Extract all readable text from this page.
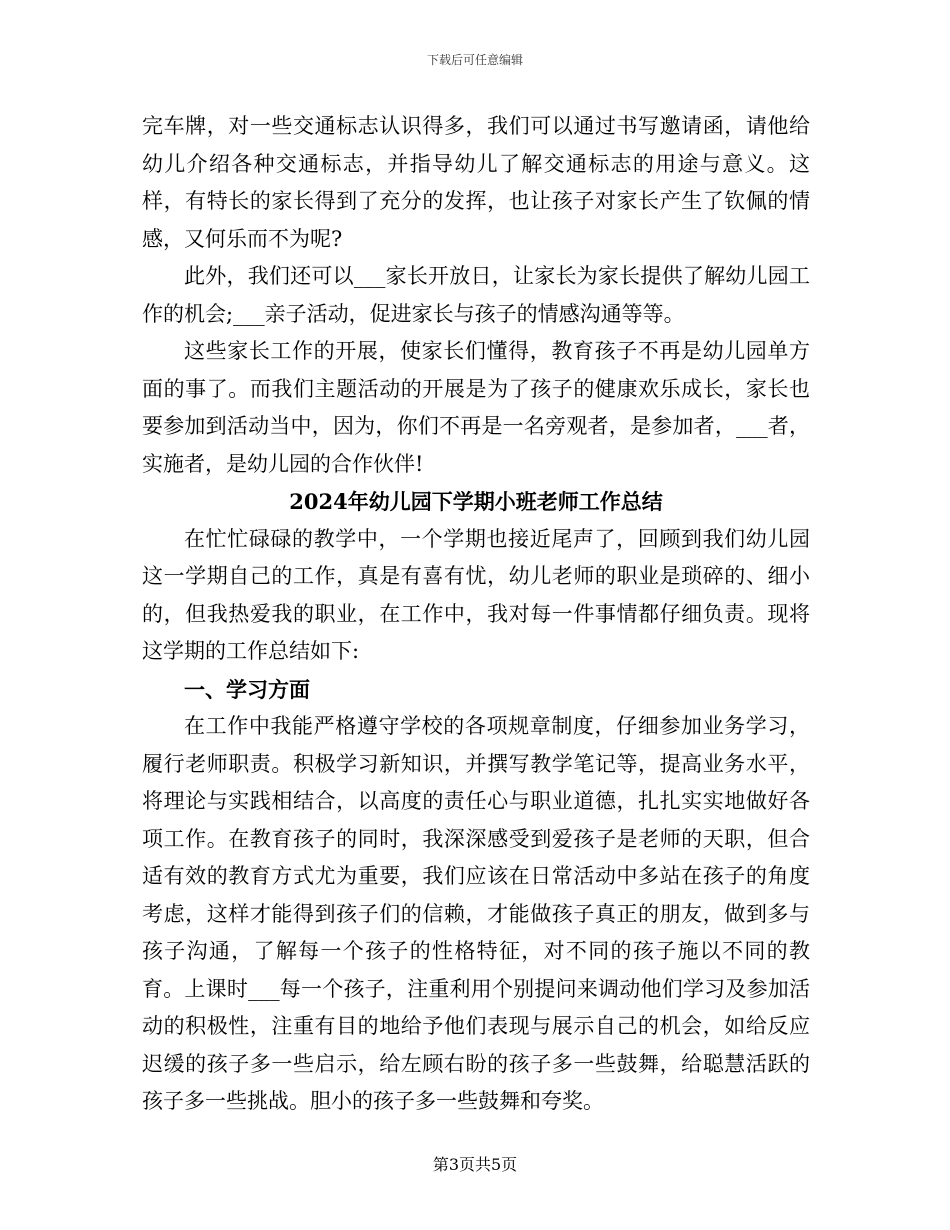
下载后可任意编辑

完车牌，对一些交通标志认识得多，我们可以通过书写邀请函，请他给幼儿介绍各种交通标志，并指导幼儿了解交通标志的用途与意义。这样，有特长的家长得到了充分的发挥，也让孩子对家长产生了钦佩的情感，又何乐而不为呢?

此外，我们还可以___家长开放日，让家长为家长提供了解幼儿园工作的机会;___亲子活动，促进家长与孩子的情感沟通等等。

这些家长工作的开展，使家长们懂得，教育孩子不再是幼儿园单方面的事了。而我们主题活动的开展是为了孩子的健康欢乐成长，家长也要参加到活动当中，因为，你们不再是一名旁观者，是参加者，___者，实施者，是幼儿园的合作伙伴!

2024年幼儿园下学期小班老师工作总结

在忙忙碌碌的教学中，一个学期也接近尾声了，回顾到我们幼儿园这一学期自己的工作，真是有喜有忧，幼儿老师的职业是琐碎的、细小的，但我热爱我的职业，在工作中，我对每一件事情都仔细负责。现将这学期的工作总结如下:

一、学习方面

在工作中我能严格遵守学校的各项规章制度，仔细参加业务学习，履行老师职责。积极学习新知识，并撰写教学笔记等，提高业务水平，将理论与实践相结合，以高度的责任心与职业道德，扎扎实实地做好各项工作。在教育孩子的同时，我深深感受到爱孩子是老师的天职，但合适有效的教育方式尤为重要，我们应该在日常活动中多站在孩子的角度考虑，这样才能得到孩子们的信赖，才能做孩子真正的朋友，做到多与孩子沟通，了解每一个孩子的性格特征，对不同的孩子施以不同的教育。上课时___每一个孩子，注重利用个别提问来调动他们学习及参加活动的积极性，注重有目的地给予他们表现与展示自己的机会，如给反应迟缓的孩子多一些启示，给左顾右盼的孩子多一些鼓舞，给聪慧活跃的孩子多一些挑战。胆小的孩子多一些鼓舞和夸奖。

第3页共5页
